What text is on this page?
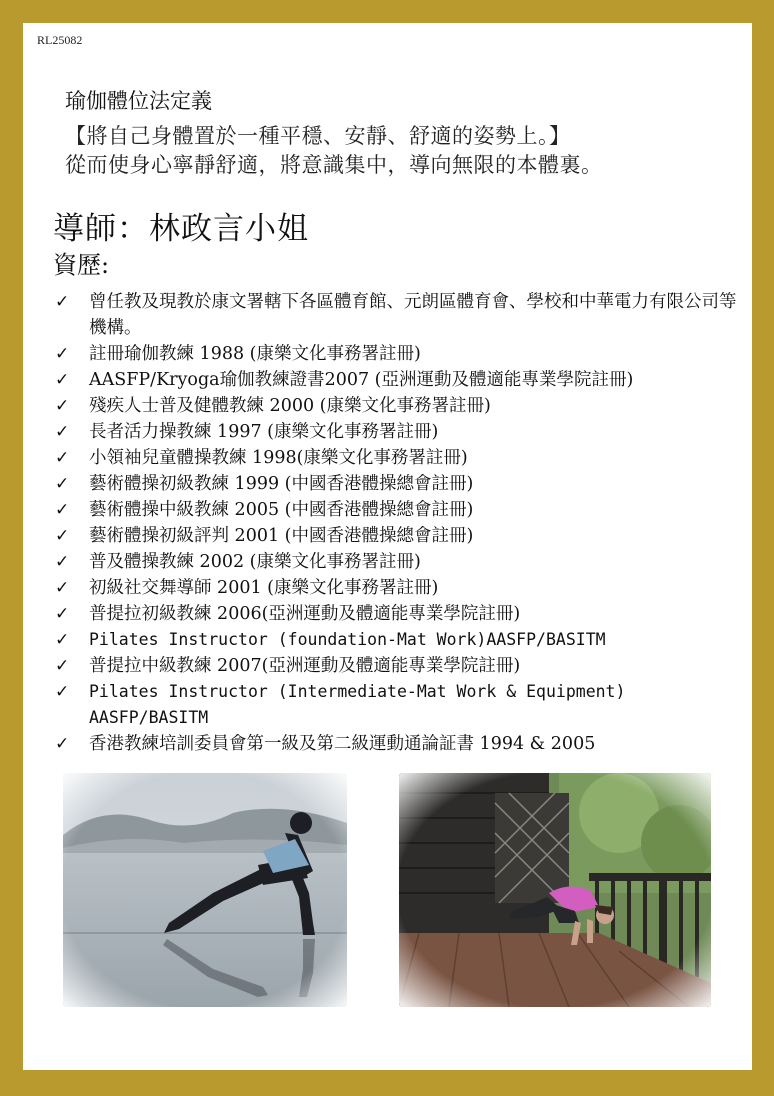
RL25082
瑜伽體位法定義
【將自己身體置於一種平穩、安靜、舒適的姿勢上。】
從而使身心寧靜舒適，將意識集中，導向無限的本體裏。
導師：林政言小姐
資歷:
✓ 曾任教及現教於康文署轄下各區體育館、元朗區體育會、學校和中華電力有限公司等機構。
✓ 註冊瑜伽教練 1988 (康樂文化事務署註冊)
✓ AASFP/Kryoga瑜伽教練證書2007 (亞洲運動及體適能專業學院註冊)
✓ 殘疾人士普及健體教練 2000 (康樂文化事務署註冊)
✓ 長者活力操教練 1997 (康樂文化事務署註冊)
✓ 小領袖兒童體操教練 1998(康樂文化事務署註冊)
✓ 藝術體操初級教練 1999 (中國香港體操總會註冊)
✓ 藝術體操中級教練 2005 (中國香港體操總會註冊)
✓ 藝術體操初級評判 2001 (中國香港體操總會註冊)
✓ 普及體操教練 2002 (康樂文化事務署註冊)
✓ 初級社交舞導師 2001 (康樂文化事務署註冊)
✓ 普提拉初級教練 2006(亞洲運動及體適能專業學院註冊)
✓ Pilates Instructor (foundation-Mat Work)AASFP/BASITM
✓ 普提拉中級教練 2007(亞洲運動及體適能專業學院註冊)
✓ Pilates Instructor (Intermediate-Mat Work & Equipment) AASFP/BASITM
✓ 香港教練培訓委員會第一級及第二級運動通論証書 1994 & 2005
